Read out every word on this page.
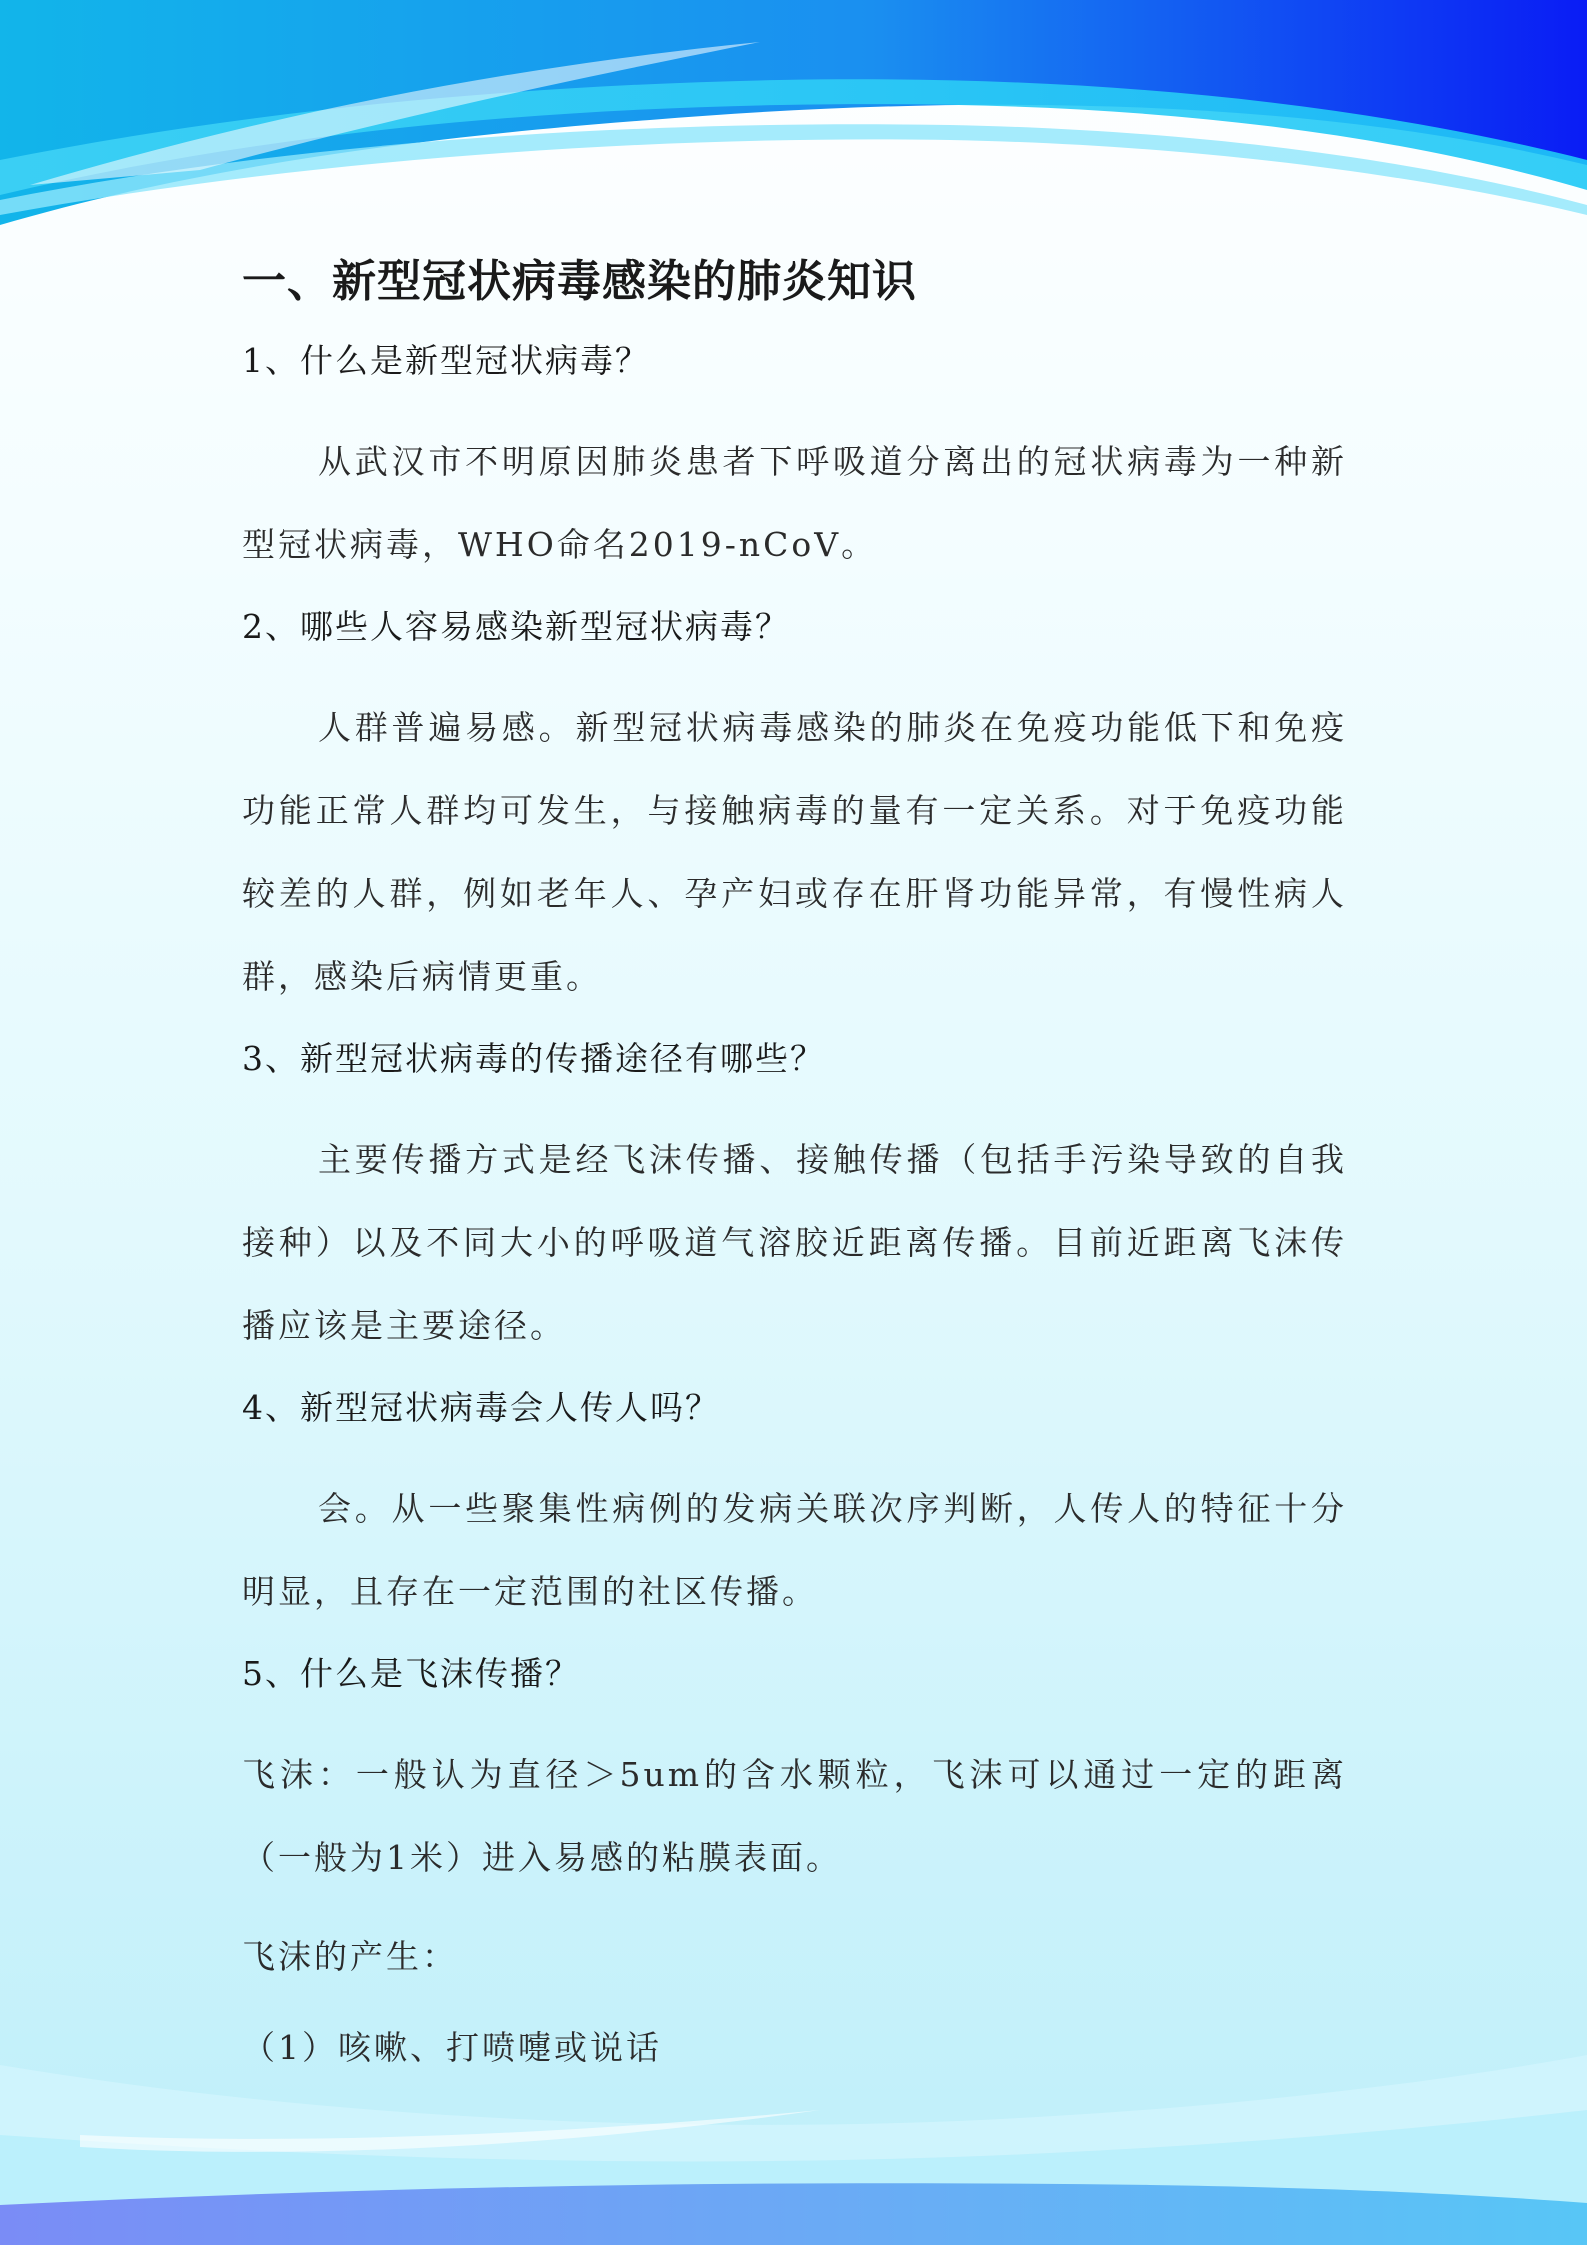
一、新型冠状病毒感染的肺炎知识

1、什么是新型冠状病毒？

从武汉市不明原因肺炎患者下呼吸道分离出的冠状病毒为一种新型冠状病毒，WHO命名2019-nCoV。

2、哪些人容易感染新型冠状病毒？

人群普遍易感。新型冠状病毒感染的肺炎在免疫功能低下和免疫功能正常人群均可发生，与接触病毒的量有一定关系。对于免疫功能较差的人群，例如老年人、孕产妇或存在肝肾功能异常，有慢性病人群，感染后病情更重。

3、新型冠状病毒的传播途径有哪些？

主要传播方式是经飞沫传播、接触传播（包括手污染导致的自我接种）以及不同大小的呼吸道气溶胶近距离传播。目前近距离飞沫传播应该是主要途径。

4、新型冠状病毒会人传人吗？

会。从一些聚集性病例的发病关联次序判断，人传人的特征十分明显，且存在一定范围的社区传播。

5、什么是飞沫传播？

飞沫：一般认为直径＞5um的含水颗粒，飞沫可以通过一定的距离（一般为1米）进入易感的粘膜表面。

飞沫的产生：

（1）咳嗽、打喷嚏或说话
